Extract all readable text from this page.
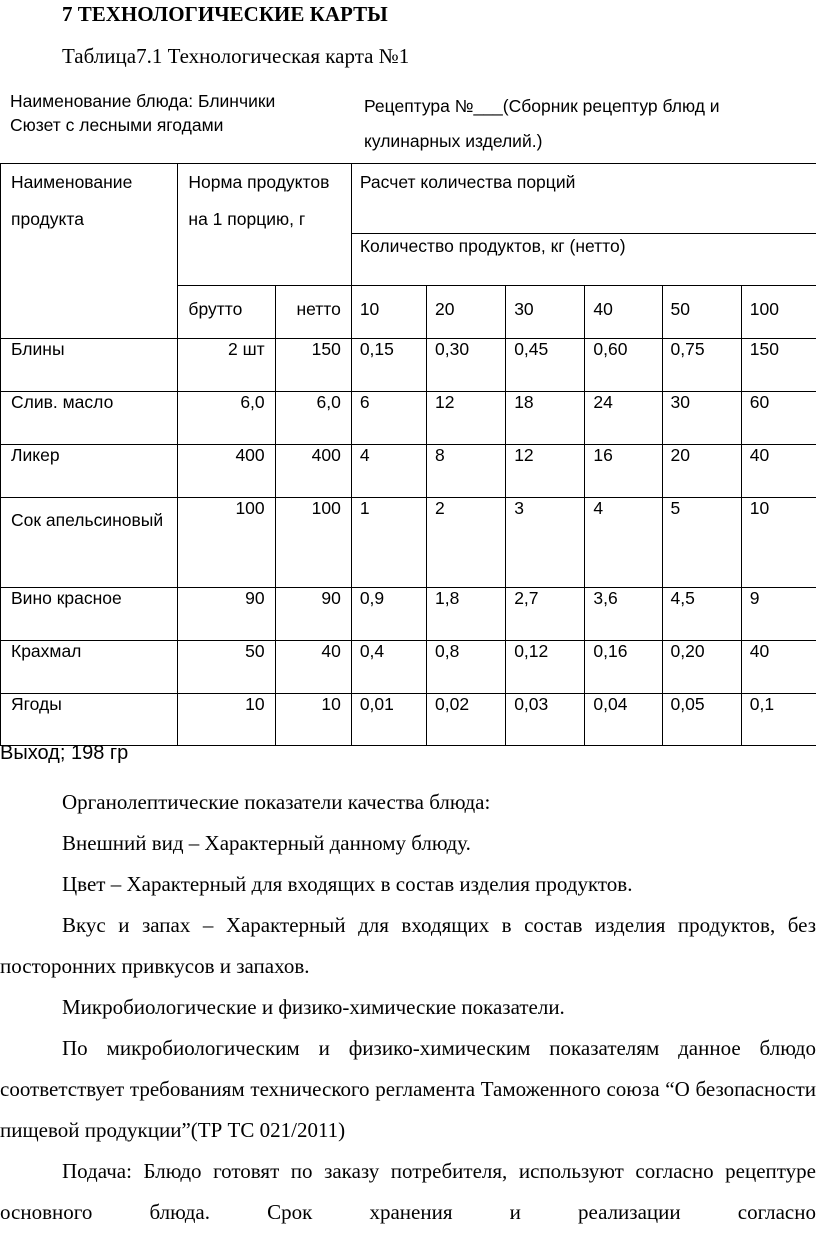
7 ТЕХНОЛОГИЧЕСКИЕ КАРТЫ
Таблица7.1 Технологическая карта №1
Наименование блюда: Блинчики
Сюзет с лесными ягодами
Рецептура №___(Сборник рецептур блюд и
кулинарных изделий.)
Наименование продукта	Норма продуктов на 1 порцию, г		Расчет количества порций					
			Количество продуктов, кг (нетто)					
	брутто	нетто	10	20	30	40	50	100
Блины	2 шт	150	0,15	0,30	0,45	0,60	0,75	150
Слив. масло	6,0	6,0	6	12	18	24	30	60
Ликер	400	400	4	8	12	16	20	40

Сок апельсиновый	100	100	1	2	3	4	5	10
Вино красное	90	90	0,9	1,8	2,7	3,6	4,5	9
Крахмал	50	40	0,4	0,8	0,12	0,16	0,20	40
Ягоды	10	10	0,01	0,02	0,03	0,04	0,05	0,1
Выход; 198 гр
Органолептические показатели качества блюда:
Внешний вид – Характерный данному блюду.
Цвет – Характерный для входящих в состав изделия продуктов.
Вкус и запах – Характерный для входящих в состав изделия продуктов, без посторонних привкусов и запахов.
Микробиологические и физико-химические показатели.
По микробиологическим и физико-химическим показателям данное блюдо соответствует требованиям технического регламента Таможенного союза “О безопасности пищевой продукции”(ТР ТС 021/2011)
Подача: Блюдо готовят по заказу потребителя, используют согласно рецептуре основного блюда. Срок хранения и реализации согласно
